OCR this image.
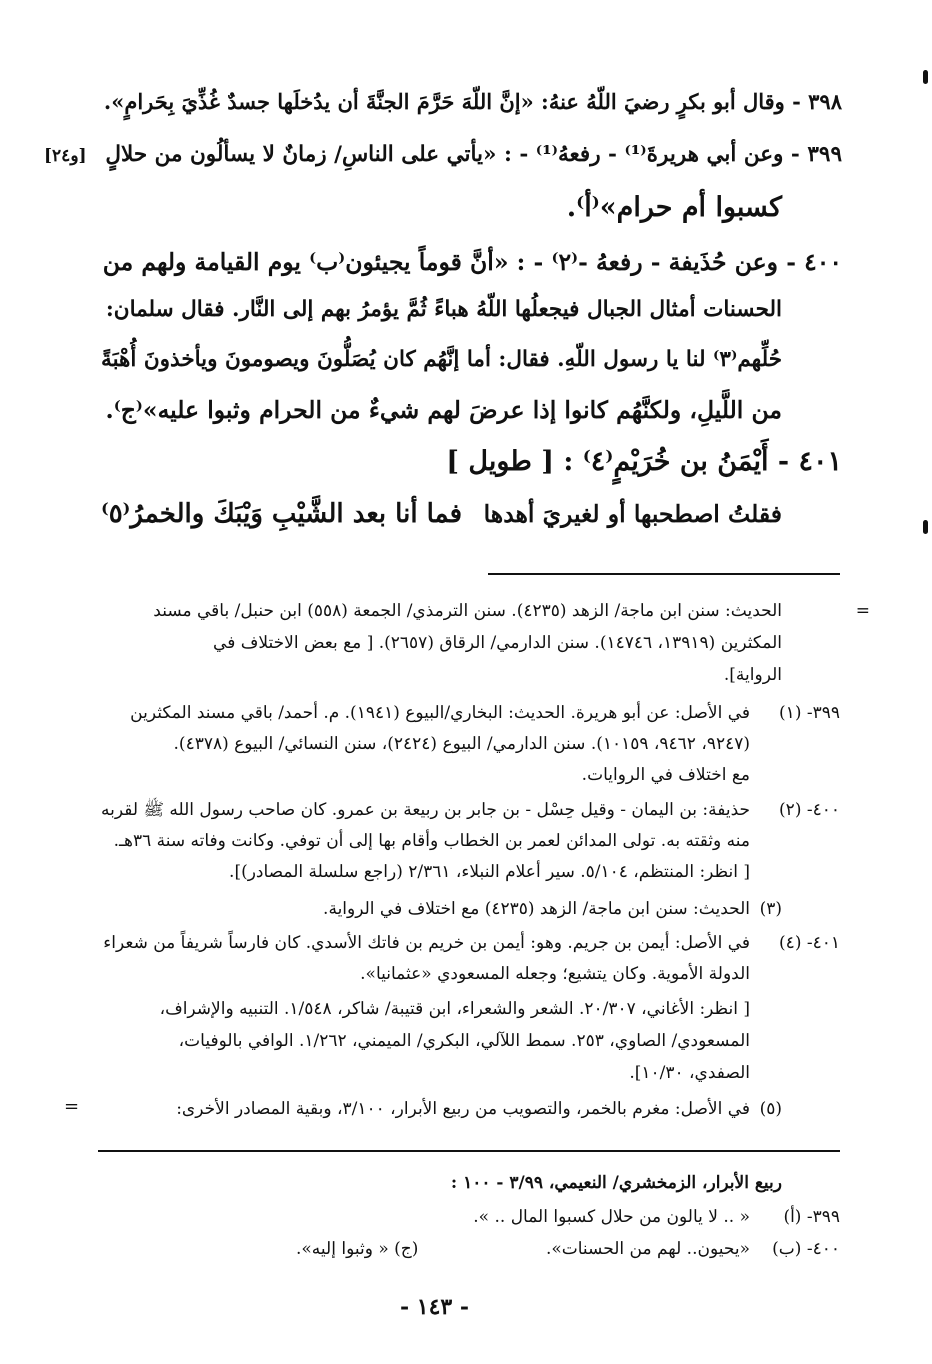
٣٩٨ - وقال أبو بكرٍ رضيَ اللّهُ عنهُ: «إنَّ اللّهَ حَرَّمَ الجنَّةَ أن يدُخلَها جسدٌ غُذِّيَ بِحَرامٍ».
٣٩٩ - وعن أبي هريرةَ⁽¹⁾ - رفعهُ⁽¹⁾ - : «يأتي على الناسِ/ زمانٌ لا يسألُون من حلالٍ
[و٢٤]
كسبوا أم حرام»⁽أ⁾.
٤٠٠ - وعن حُذَيفة - رفعهُ -⁽٢⁾ - : «أنَّ قوماً يجيئون⁽ب⁾ يوم القيامة ولهم من
الحسنات أمثال الجبال فيجعلُها اللّهُ هباءً ثُمَّ يؤمرُ بهم إلى النَّار. فقال سلمان:
حُلِّهم⁽٣⁾ لنا يا رسول اللّهِ. فقال: أما إنَّهُم كان يُصَلُّونَ ويصومونَ ويأخذونَ أُهْبَةً
من اللَّيلِ، ولكنَّهُم كانوا إذا عرضَ لهم شيءٌ من الحرام وثبوا عليه»⁽ج⁾.
٤٠١ - أَيْمَنُ بن خُرَيْمٍ⁽٤⁾ : [ طويل ]
فقلتُ اصطحبها أو لغيريَ أهدها
فما أنا بعد الشَّيْبِ وَيْبَكَ والخمرُ⁽٥⁾
=
الحديث: سنن ابن ماجة/ الزهد (٤٢٣٥). سنن الترمذي/ الجمعة (٥٥٨) ابن حنبل/ باقي مسند
المكثرين (١٣٩١٩، ١٤٧٤٦). سنن الدارمي/ الرقاق (٢٦٥٧). [ مع بعض الاختلاف في
الرواية].
٣٩٩- (١)
في الأصل: عن أبو هريرة. الحديث: البخاري/البيوع (١٩٤١). م. أحمد/ باقي مسند المكثرين
(٩٢٤٧، ٩٤٦٢، ١٠١٥٩). سنن الدارمي/ البيوع (٢٤٢٤)، سنن النسائي/ البيوع (٤٣٧٨).
مع اختلاف في الروايات.
٤٠٠- (٢)
حذيفة: بن اليمان - وقيل حِسْل - بن جابر بن ربيعة بن عمرو. كان صاحب رسول الله ﷺ لقربه
منه وثقته به. تولى المدائن لعمر بن الخطاب وأقام بها إلى أن توفي. وكانت وفاته سنة ٣٦هـ.
[ انظر: المنتظم، ٥/١٠٤. سير أعلام النبلاء، ٢/٣٦١ (راجع سلسلة المصادر)].
(٣)
الحديث: سنن ابن ماجة/ الزهد (٤٢٣٥) مع اختلاف في الرواية.
٤٠١- (٤)
في الأصل: أيمن بن جريم. وهو: أيمن بن خريم بن فاتك الأسدي. كان فارساً شريفاً من شعراء
الدولة الأموية. وكان يتشيع؛ وجعله المسعودي «عثمانيا».
[ انظر: الأغاني، ٢٠/٣٠٧. الشعر والشعراء، ابن قتيبة/ شاكر، ١/٥٤٨. التنبيه والإشراف،
المسعودي/ الصاوي، ٢٥٣. سمط اللآلي، البكري/ الميمني، ١/٢٦٢. الوافي بالوفيات،
الصفدي، ١٠/٣٠].
(٥)
في الأصل: مغرم بالخمر، والتصويب من ربيع الأبرار، ٣/١٠٠، وبقية المصادر الأخرى:
=
ربيع الأبرار، الزمخشري/ النعيمي، ٣/٩٩ - ١٠٠ :
٣٩٩- (أ)
« .. لا يالون من حلال كسبوا المال .. ».
٤٠٠- (ب)
«يحيون.. لهم من الحسنات».
(ج) « وثبوا إليه».
- ١٤٣ -
